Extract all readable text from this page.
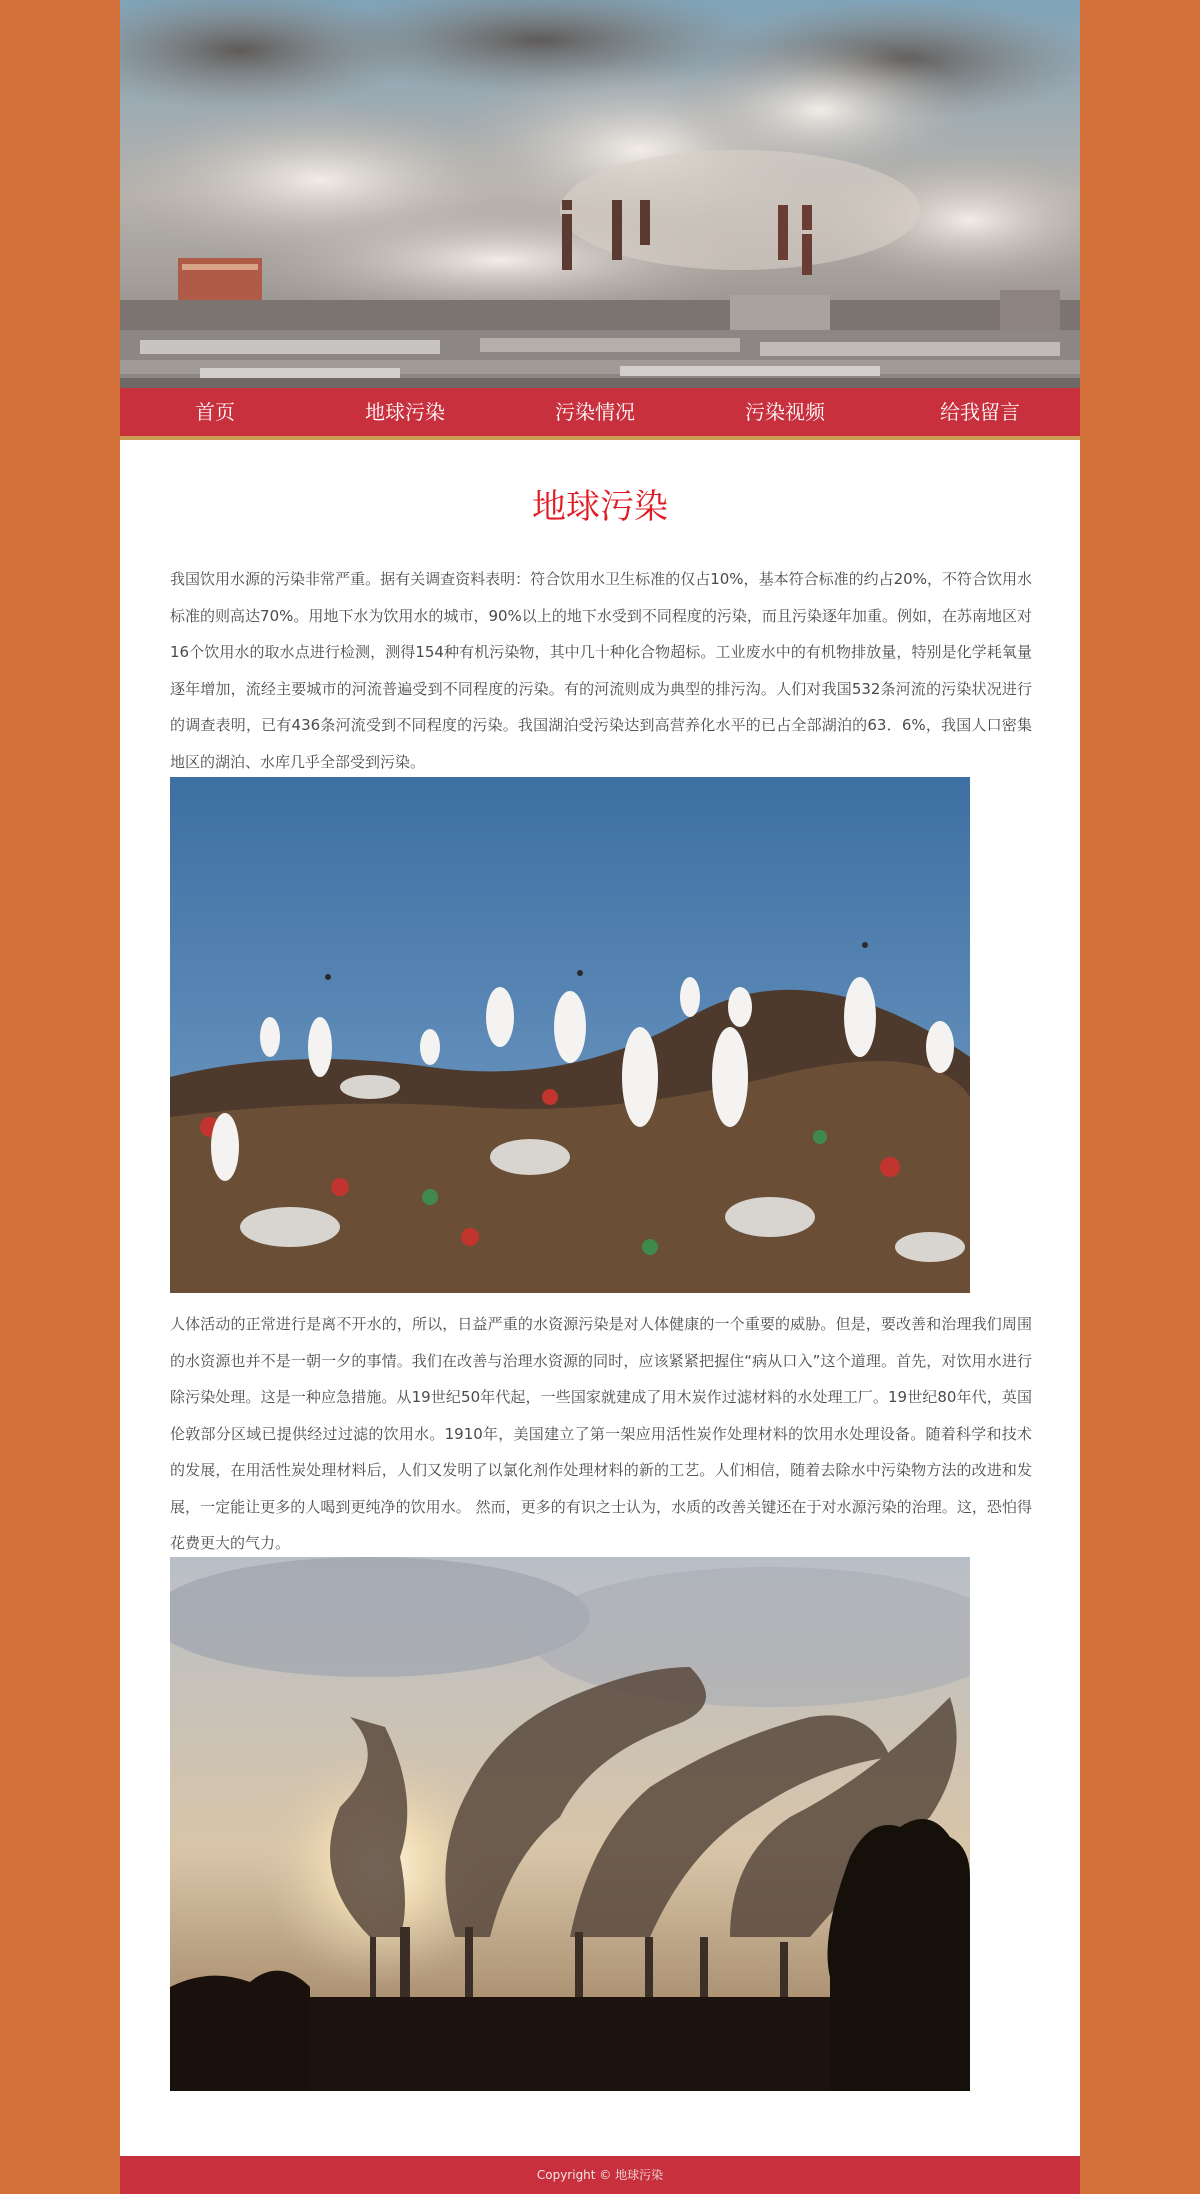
首页	地球污染	污染情况	污染视频	给我留言
地球污染

我国饮用水源的污染非常严重。据有关调查资料表明：符合饮用水卫生标准的仅占10%，基本符合标准的约占20%，不符合饮用水标准的则高达70%。用地下水为饮用水的城市，90%以上的地下水受到不同程度的污染，而且污染逐年加重。例如，在苏南地区对16个饮用水的取水点进行检测，测得154种有机污染物，其中几十种化合物超标。工业废水中的有机物排放量，特别是化学耗氧量逐年增加，流经主要城市的河流普遍受到不同程度的污染。有的河流则成为典型的排污沟。人们对我国532条河流的污染状况进行的调查表明，已有436条河流受到不同程度的污染。我国湖泊受污染达到高营养化水平的已占全部湖泊的63．6%，我国人口密集地区的湖泊、水库几乎全部受到污染。

人体活动的正常进行是离不开水的，所以，日益严重的水资源污染是对人体健康的一个重要的威胁。但是，要改善和治理我们周围的水资源也并不是一朝一夕的事情。我们在改善与治理水资源的同时，应该紧紧把握住“病从口入”这个道理。首先，对饮用水进行除污染处理。这是一种应急措施。从19世纪50年代起，一些国家就建成了用木炭作过滤材料的水处理工厂。19世纪80年代，英国伦敦部分区域已提供经过过滤的饮用水。1910年，美国建立了第一架应用活性炭作处理材料的饮用水处理设备。随着科学和技术的发展，在用活性炭处理材料后，人们又发明了以氯化剂作处理材料的新的工艺。人们相信，随着去除水中污染物方法的改进和发展，一定能让更多的人喝到更纯净的饮用水。 然而，更多的有识之士认为，水质的改善关键还在于对水源污染的治理。这，恐怕得花费更大的气力。

Copyright © 地球污染
